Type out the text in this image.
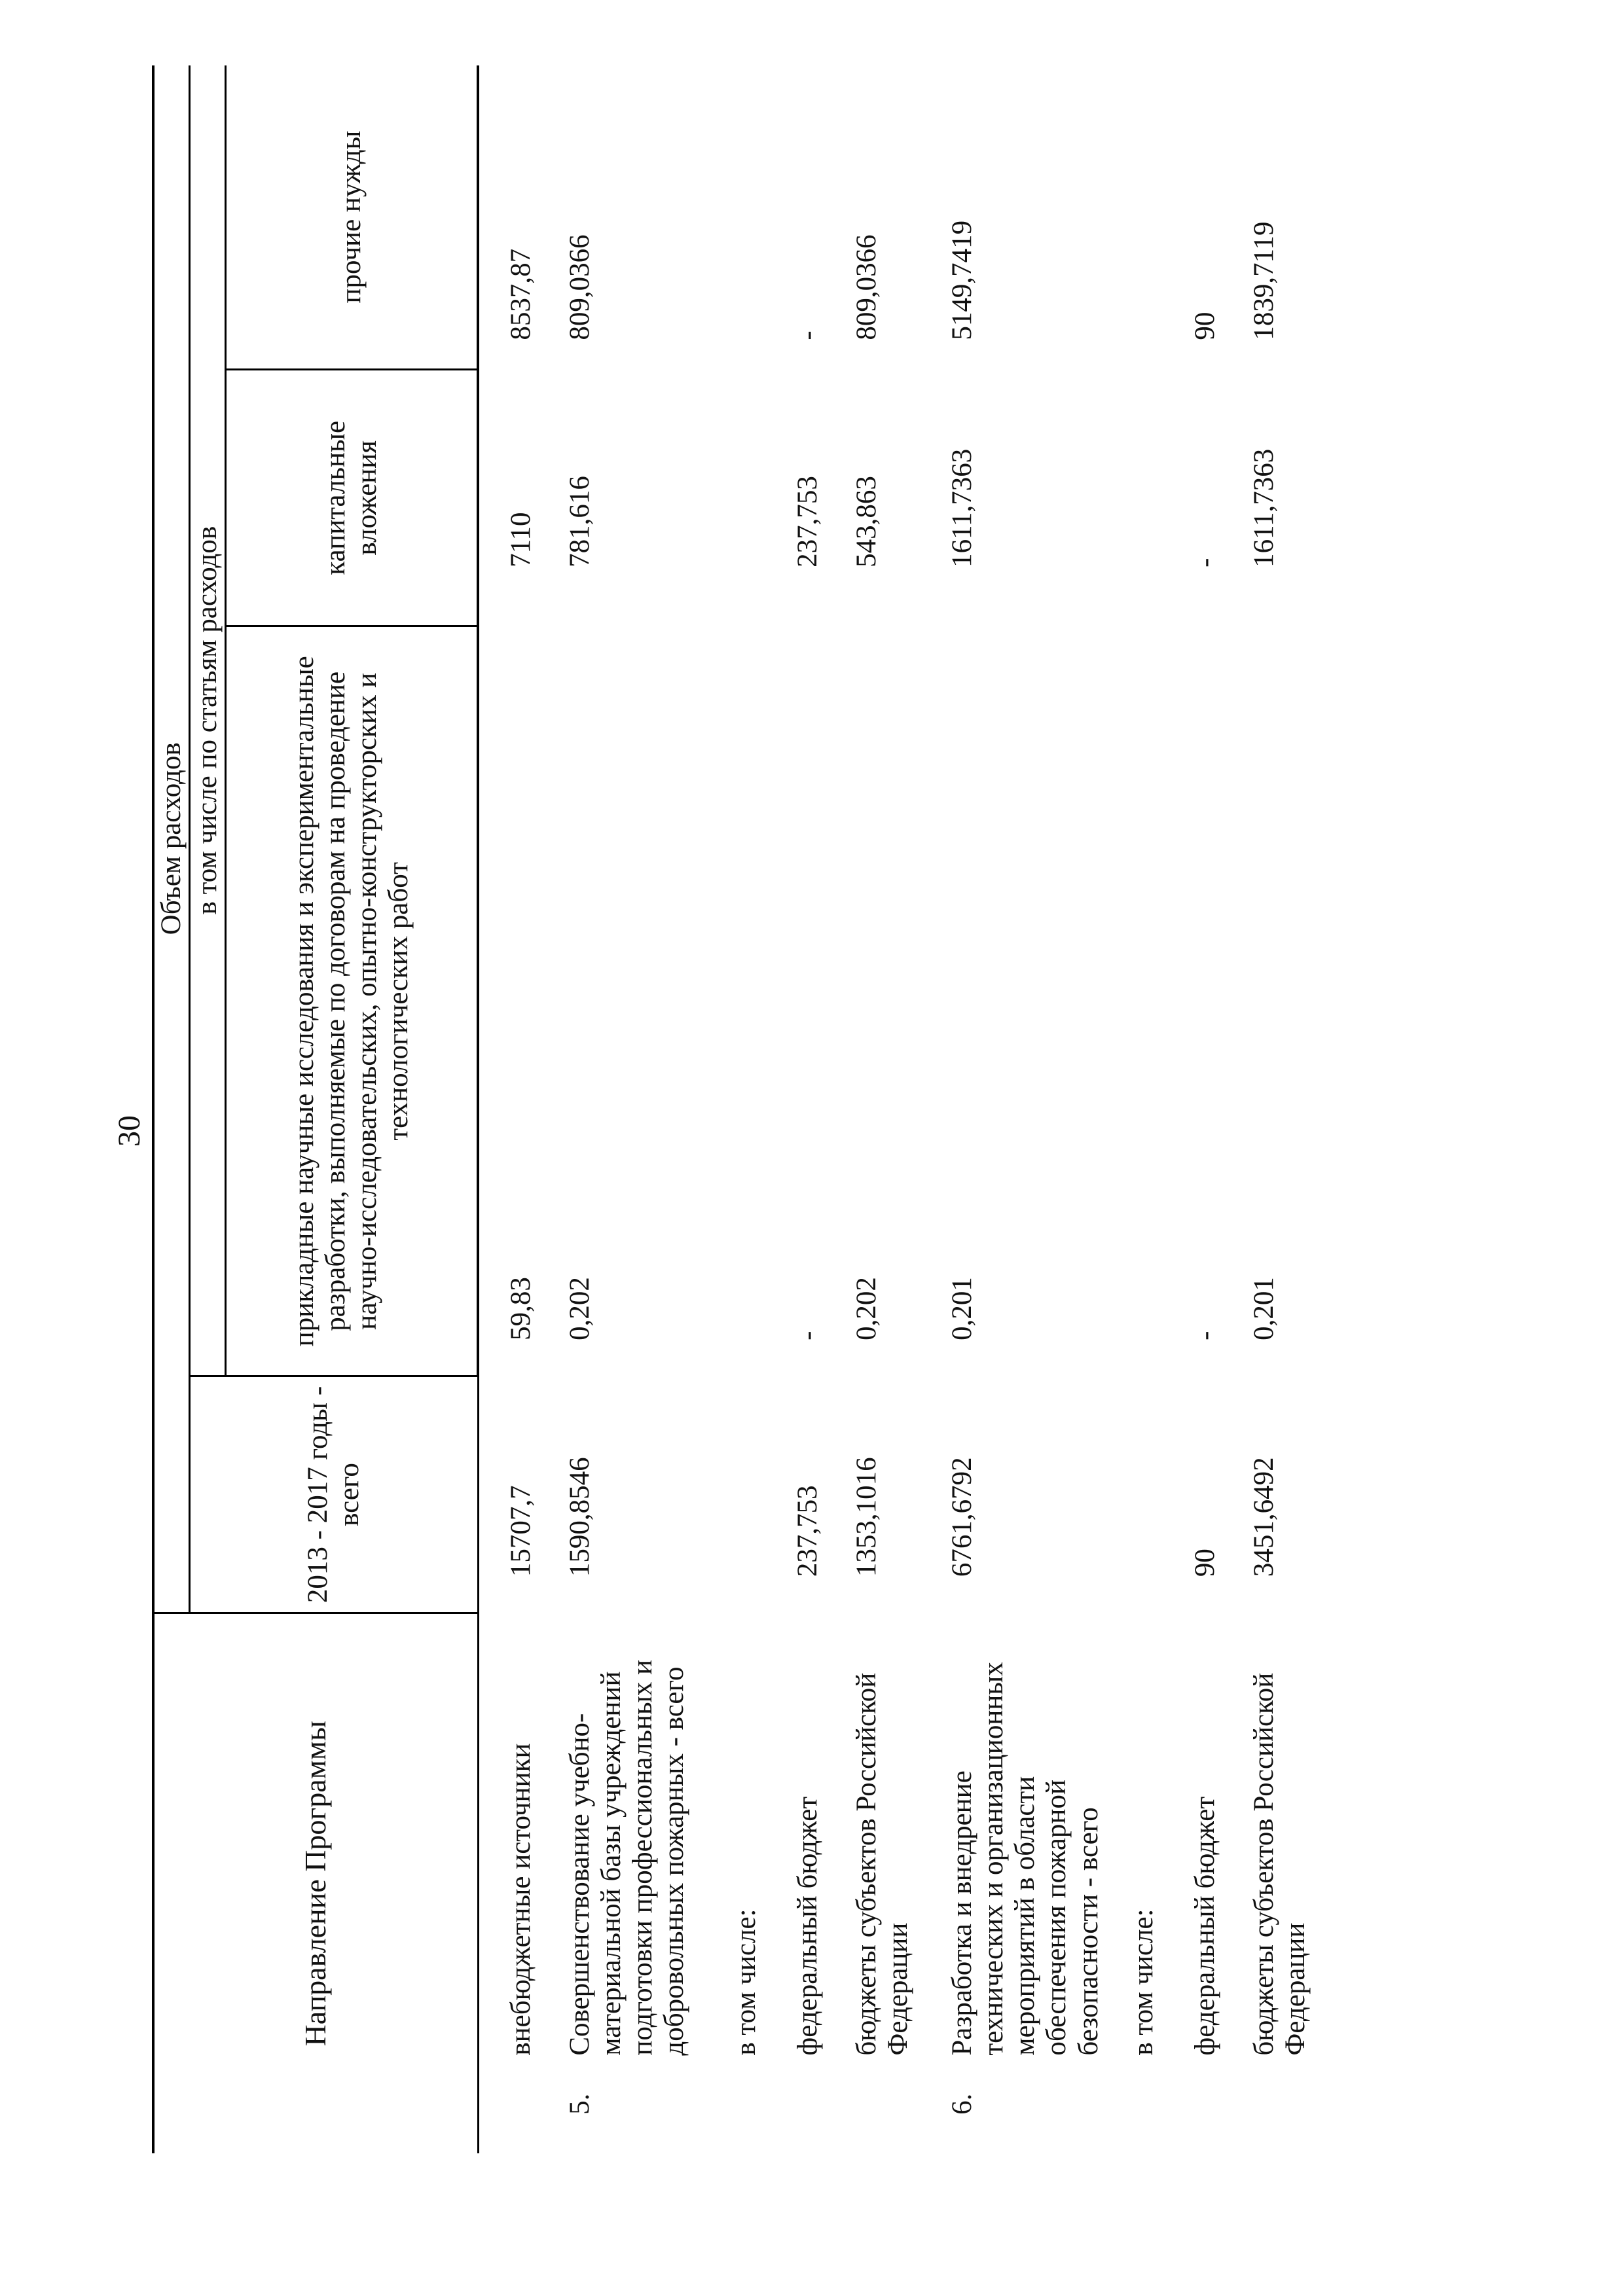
30
Направление Программы		Объем расходов			
		2013 - 2017 годы - всего	в том числе по статьям расходов		
			прикладные научные исследования и экспериментальные разработки, выполняемые по договорам на проведение научно-исследовательских, опытно-конструкторских и технологических работ	капитальные вложения	прочие нужды
	внебюджетные источники	15707,7	59,83	7110	8537,87
5.	Совершенствование учебно-материальной базы учреждений подготовки профессиональных и добровольных пожарных - всего	1590,8546	0,202	781,616	809,0366
	в том числе:				
	федеральный бюджет	237,753	-	237,753	-
	бюджеты субъектов Российской Федерации	1353,1016	0,202	543,863	809,0366
6.	Разработка и внедрение технических и организационных мероприятий в области обеспечения пожарной безопасности - всего	6761,6792	0,201	1611,7363	5149,7419
	в том числе:				
	федеральный бюджет	90	-	-	90
	бюджеты субъектов Российской Федерации	3451,6492	0,201	1611,7363	1839,7119
